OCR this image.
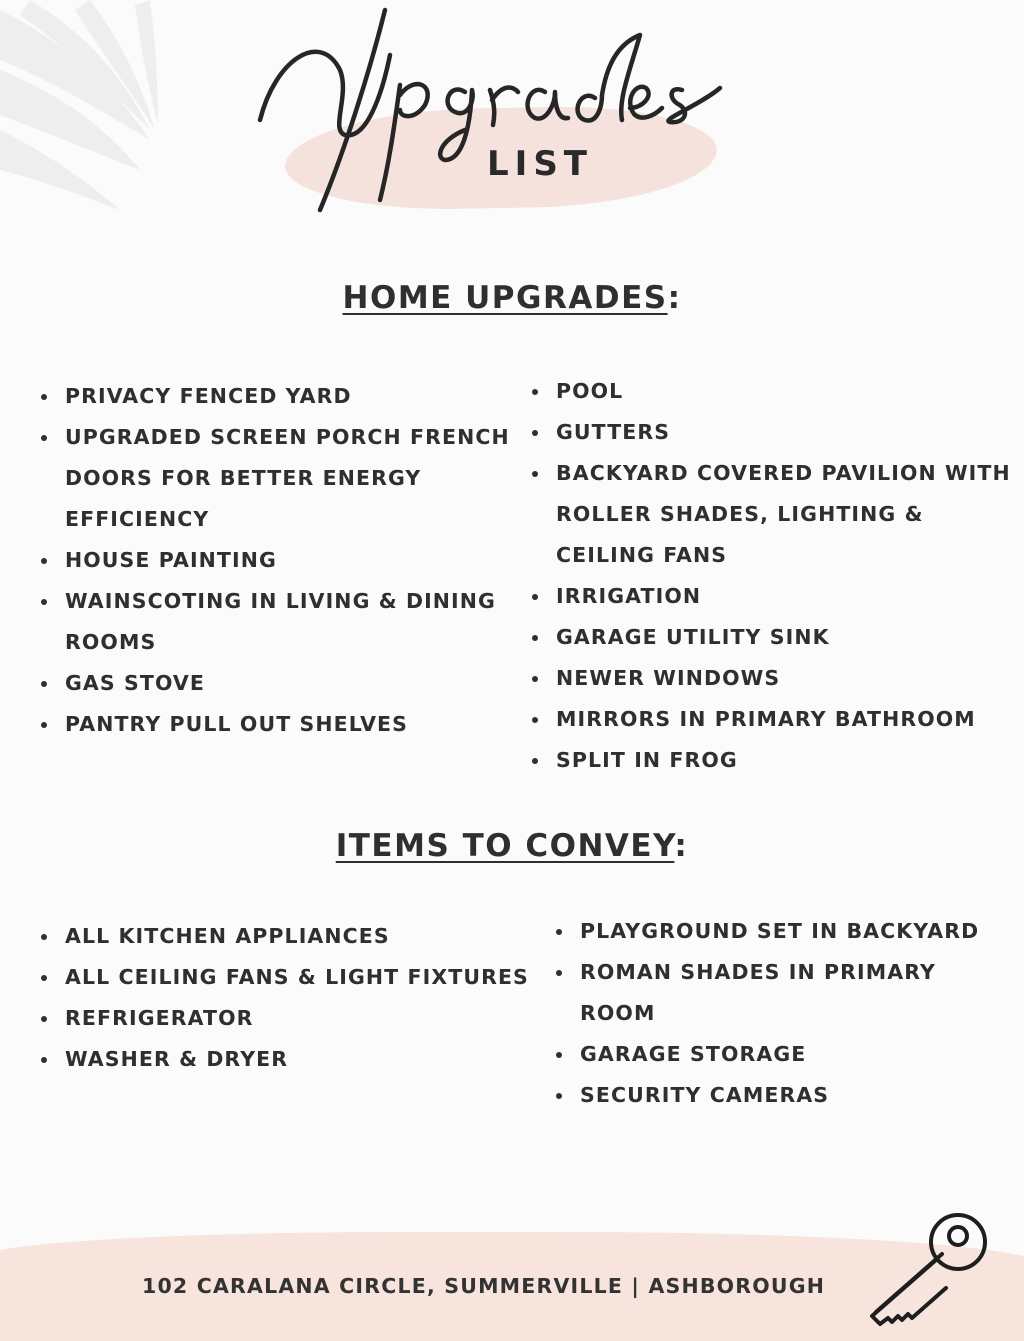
LIST
HOME UPGRADES:
PRIVACY FENCED YARD
UPGRADED SCREEN PORCH FRENCH DOORS FOR BETTER ENERGY EFFICIENCY
HOUSE PAINTING
WAINSCOTING IN LIVING & DINING ROOMS
GAS STOVE
PANTRY PULL OUT SHELVES
POOL
GUTTERS
BACKYARD COVERED PAVILION WITH ROLLER SHADES, LIGHTING & CEILING FANS
IRRIGATION
GARAGE UTILITY SINK
NEWER WINDOWS
MIRRORS IN PRIMARY BATHROOM
SPLIT IN FROG
ITEMS TO CONVEY:
ALL KITCHEN APPLIANCES
ALL CEILING FANS & LIGHT FIXTURES
REFRIGERATOR
WASHER & DRYER
PLAYGROUND SET IN BACKYARD
ROMAN SHADES IN PRIMARY ROOM
GARAGE STORAGE
SECURITY CAMERAS
102 CARALANA CIRCLE, SUMMERVILLE | ASHBOROUGH
